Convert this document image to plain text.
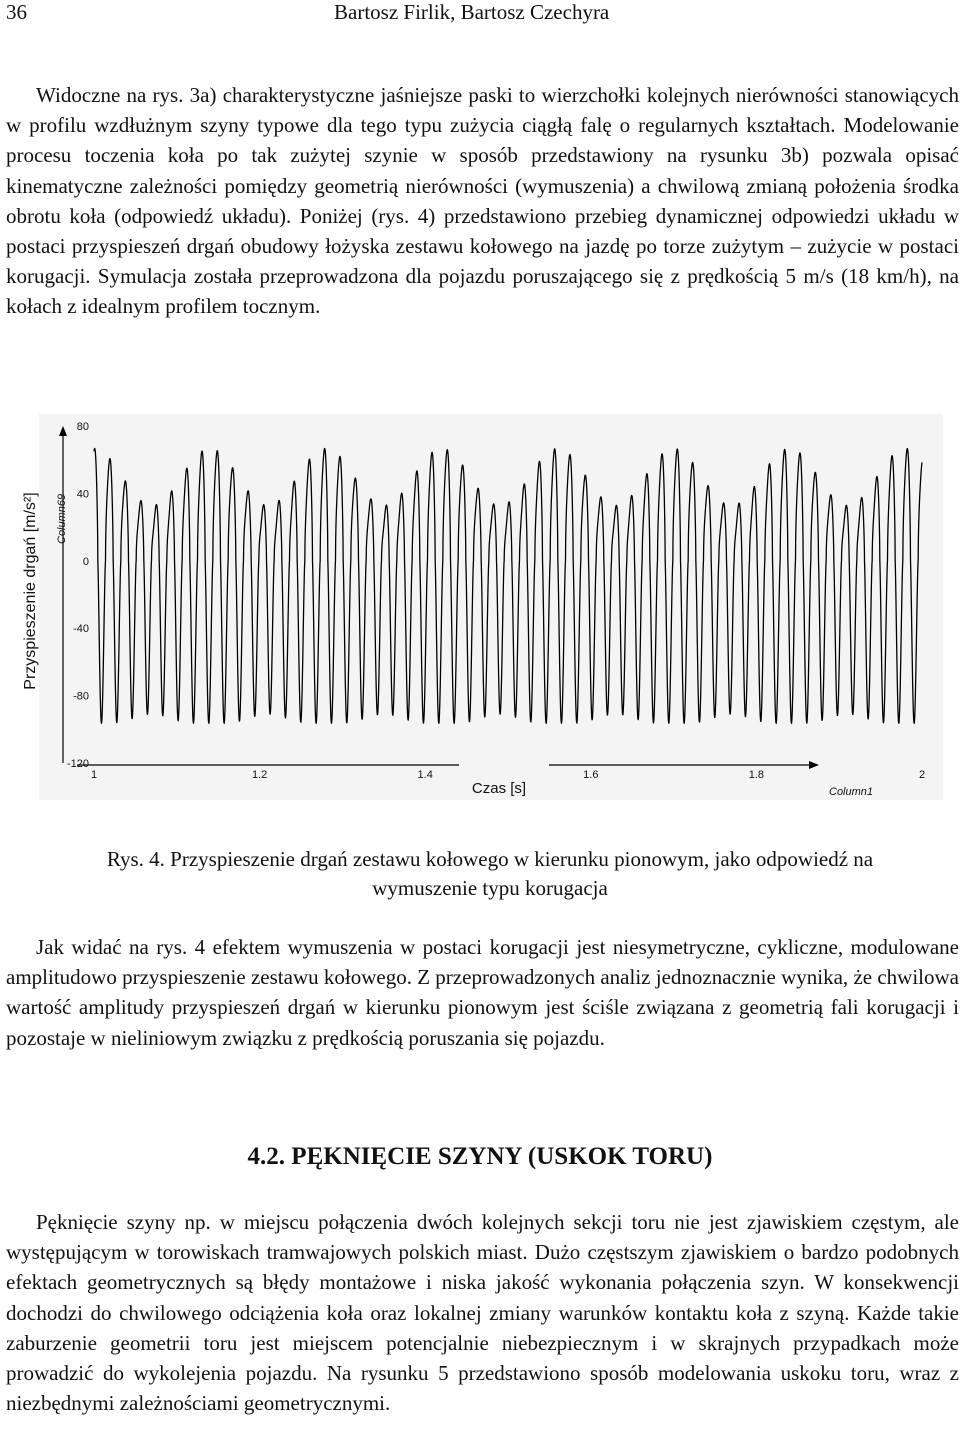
36	Bartosz Firlik, Bartosz Czechyra

Widoczne na rys. 3a) charakterystyczne jaśniejsze paski to wierzchołki kolejnych nierówności stanowiących w profilu wzdłużnym szyny typowe dla tego typu zużycia ciągłą falę o regularnych kształtach. Modelowanie procesu toczenia koła po tak zużytej szynie w sposób przedstawiony na rysunku 3b) pozwala opisać kinematyczne zależności pomiędzy geometrią nierówności (wymuszenia) a chwilową zmianą położenia środka obrotu koła (odpowiedź układu). Poniżej (rys. 4) przedstawiono przebieg dynamicznej odpowiedzi układu w postaci przyspieszeń drgań obudowy łożyska zestawu kołowego na jazdę po torze zużytym – zużycie w postaci korugacji. Symulacja została przeprowadzona dla pojazdu poruszającego się z prędkością 5 m/s (18 km/h), na kołach z idealnym profilem tocznym.

80
40
0
-40
-80
-120
1	1.2	1.4	1.6	1.8	2
Czas [s]	Column1
Column69
Przyspieszenie drgań [m/s²]
Rys. 4. Przyspieszenie drgań zestawu kołowego w kierunku pionowym, jako odpowiedź na wymuszenie typu korugacja

Jak widać na rys. 4 efektem wymuszenia w postaci korugacji jest niesymetryczne, cykliczne, modulowane amplitudowo przyspieszenie zestawu kołowego. Z przeprowadzonych analiz jednoznacznie wynika, że chwilowa wartość amplitudy przyspieszeń drgań w kierunku pionowym jest ściśle związana z geometrią fali korugacji i pozostaje w nieliniowym związku z prędkością poruszania się pojazdu.

4.2. PĘKNIĘCIE SZYNY (USKOK TORU)

Pęknięcie szyny np. w miejscu połączenia dwóch kolejnych sekcji toru nie jest zjawiskiem częstym, ale występującym w torowiskach tramwajowych polskich miast. Dużo częstszym zjawiskiem o bardzo podobnych efektach geometrycznych są błędy montażowe i niska jakość wykonania połączenia szyn. W konsekwencji dochodzi do chwilowego odciążenia koła oraz lokalnej zmiany warunków kontaktu koła z szyną. Każde takie zaburzenie geometrii toru jest miejscem potencjalnie niebezpiecznym i w skrajnych przypadkach może prowadzić do wykolejenia pojazdu. Na rysunku 5 przedstawiono sposób modelowania uskoku toru, wraz z niezbędnymi zależnościami geometrycznymi.
